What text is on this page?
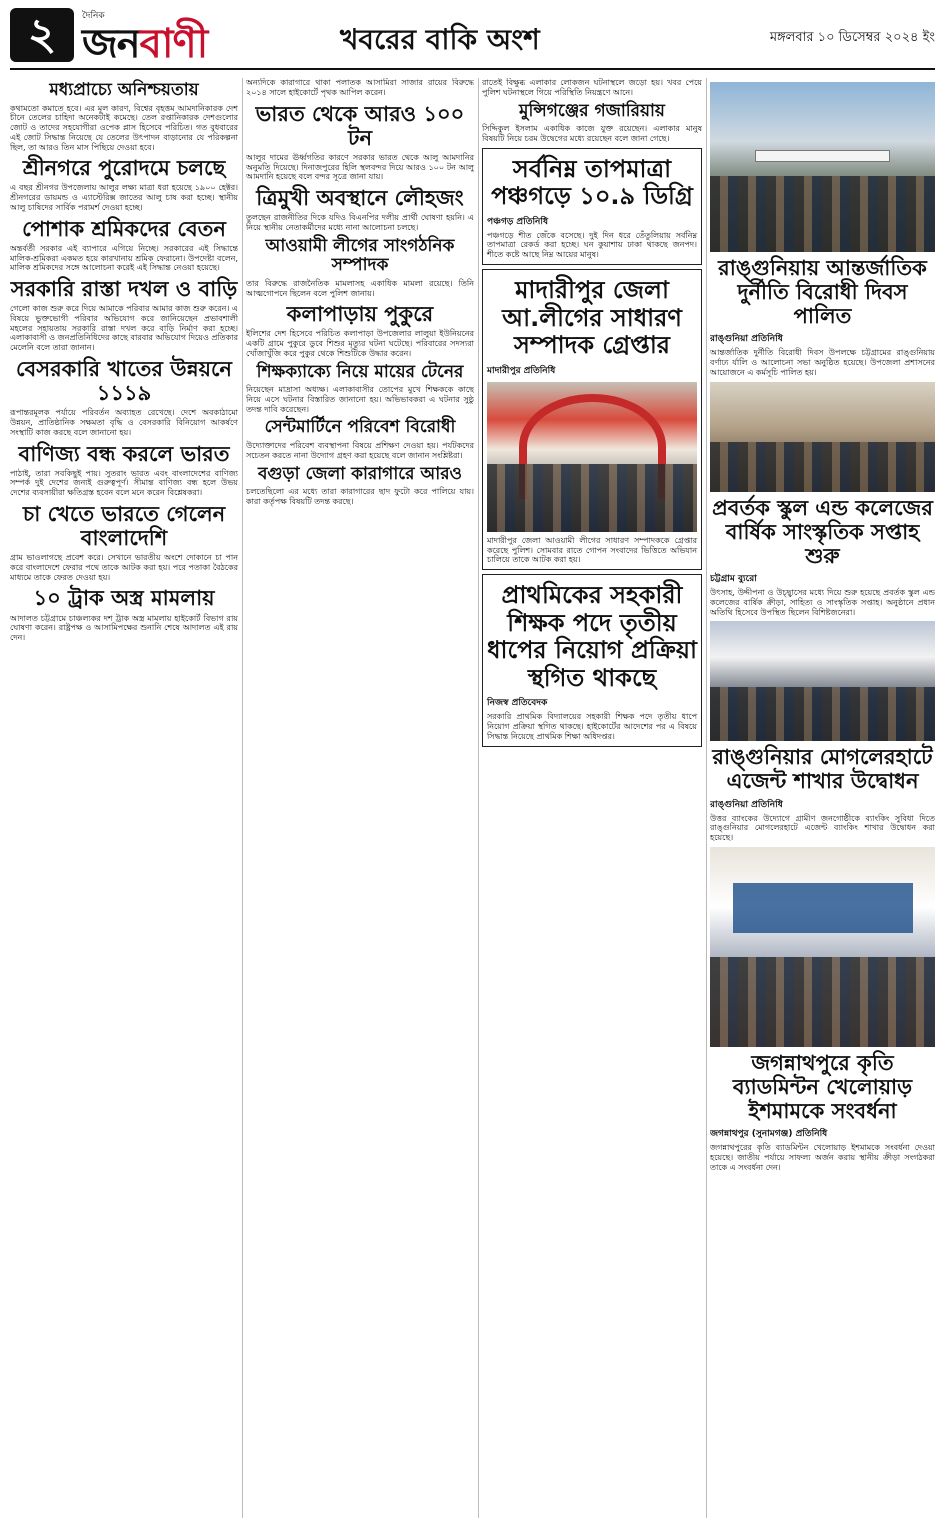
২	দৈনিক
জনবাণী	খবরের বাকি অংশ	মঙ্গলবার ১০ ডিসেম্বর ২০২৪ ইং
মধ্যপ্রাচ্যে অনিশ্চয়তায়
কথামতো কমাতে হবে। এর মূল কারণ, বিশ্বের বৃহত্তম আমদানিকারক দেশ চীনে তেলের চাহিদা অনেকটাই কমেছে। তেল রপ্তানিকারক দেশগুলোর জোট ও তাদের সহযোগীরা ওপেক প্লাস হিসেবে পরিচিত। গত বুধবারের এই জোট সিদ্ধান্ত নিয়েছে যে তেলের উৎপাদন বাড়ানোর যে পরিকল্পনা ছিল, তা আরও তিন মাস পিছিয়ে দেওয়া হবে।
শ্রীনগরে পুরোদমে চলছে
এ বছর শ্রীনগর উপজেলায় আলুর লক্ষ্য মাত্রা ধরা হয়েছে ১৯০০ হেক্টর। শ্রীনগরের ডায়মন্ড ও এ্যাস্টেরিক্স জাতের আলু চাষ করা হচ্ছে। স্থানীয় আলু চাষিদের সার্বিক পরামর্শ দেওয়া হচ্ছে।
পোশাক শ্রমিকদের বেতন
অন্তর্বর্তী সরকার এই ব্যাপারে এগিয়ে নিচ্ছে। সরকারের এই সিদ্ধান্তে মালিক-শ্রমিকরা একমত হয়ে কারখানায় শ্রমিক ফেরানো। উপদেষ্টা বলেন, মালিক শ্রমিকদের সঙ্গে আলোচনা করেই এই সিদ্ধান্ত নেওয়া হয়েছে।
সরকারি রাস্তা দখল ও বাড়ি
গেলো কাজ শুরু করে দিয়ে আমাকে পরিবার আমার কাজ শুরু করেন। এ বিষয়ে ভুক্তভোগী পরিবার অভিযোগ করে জানিয়েছেন প্রভাবশালী মহলের সহায়তায় সরকারি রাস্তা দখল করে বাড়ি নির্মাণ করা হচ্ছে। এলাকাবাসী ও জনপ্রতিনিধিদের কাছে বারবার অভিযোগ দিয়েও প্রতিকার মেলেনি বলে তারা জানান।
বেসরকারি খাতের উন্নয়নে ১১১৯
রূপান্তরমূলক পর্যায়ে পরিবর্তন অব্যাহত রেখেছে। দেশে অবকাঠামো উন্নয়ন, প্রাতিষ্ঠানিক সক্ষমতা বৃদ্ধি ও বেসরকারি বিনিয়োগ আকর্ষণে সংস্থাটি কাজ করছে বলে জানানো হয়।
বাণিজ্য বন্ধ করলে ভারত
পাঠাই, তারা সবকিছুই পায়। সুতরাং ভারত এবং বাংলাদেশের বাণিজ্য সম্পর্ক দুই দেশের জন্যই গুরুত্বপূর্ণ। সীমান্ত বাণিজ্য বন্ধ হলে উভয় দেশের ব্যবসায়ীরা ক্ষতিগ্রস্ত হবেন বলে মনে করেন বিশ্লেষকরা।
চা খেতে ভারতে গেলেন বাংলাদেশি
গ্রাম ভাওলাগছে প্রবেশ করে। সেখানে ভারতীয় অংশে দোকানে চা পান করে বাংলাদেশে ফেরার পথে তাকে আটক করা হয়। পরে পতাকা বৈঠকের মাধ্যমে তাকে ফেরত দেওয়া হয়।
১০ ট্রাক অস্ত্র মামলায়
আদালত চট্টগ্রামে চাঞ্চল্যকর দশ ট্রাক অস্ত্র মামলায় হাইকোর্ট বিভাগ রায় ঘোষণা করেন। রাষ্ট্রপক্ষ ও আসামিপক্ষের শুনানি শেষে আদালত এই রায় দেন।
অন্যদিকে কারাগারে থাকা পলাতক আসামিরা সাজার রায়ের বিরুদ্ধে ২০১৪ সালে হাইকোর্টে পৃথক আপিল করেন।
ভারত থেকে আরও ১০০ টন
আলুর দামের ঊর্ধ্বগতির কারণে সরকার ভারত থেকে আলু আমদানির অনুমতি দিয়েছে। দিনাজপুরের হিলি স্থলবন্দর দিয়ে আরও ১০০ টন আলু আমদানি হয়েছে বলে বন্দর সূত্রে জানা যায়।
ত্রিমুখী অবস্থানে লৌহজং
তুলছেন রাজনীতির দিকে যদিও বিএনপির দলীয় প্রার্থী ঘোষণা হয়নি। এ নিয়ে স্থানীয় নেতাকর্মীদের মধ্যে নানা আলোচনা চলছে।
আওয়ামী লীগের সাংগঠনিক সম্পাদক
তার বিরুদ্ধে রাজনৈতিক মামলাসহ একাধিক মামলা রয়েছে। তিনি আত্মগোপনে ছিলেন বলে পুলিশ জানায়।
কলাপাড়ায় পুকুরে
ইলিশের দেশ হিসেবে পরিচিত কলাপাড়া উপজেলার লালুয়া ইউনিয়নের একটি গ্রামে পুকুরে ডুবে শিশুর মৃত্যুর ঘটনা ঘটেছে। পরিবারের সদস্যরা খোঁজাখুঁজি করে পুকুর থেকে শিশুটিকে উদ্ধার করেন।
শিক্ষক্যাক্যে নিয়ে মায়ের টেনের
নিয়েছেন মাদ্রাসা অধ্যক্ষ। এলাকাবাসীর তোপের মুখে শিক্ষককে কাছে নিয়ে এসে ঘটনার বিস্তারিত জানানো হয়। অভিভাবকরা এ ঘটনার সুষ্ঠু তদন্ত দাবি করেছেন।
সেন্টমার্টিনে পরিবেশ বিরোধী
উদ্যোক্তাদের পরিবেশ ব্যবস্থাপনা বিষয়ে প্রশিক্ষণ দেওয়া হয়। পর্যটকদের সচেতন করতে নানা উদ্যোগ গ্রহণ করা হয়েছে বলে জানান সংশ্লিষ্টরা।
বগুড়া জেলা কারাগারে আরও
চলতেছিলো এর মধ্যে তারা কারাগারের ছাদ ফুটো করে পালিয়ে যায়। কারা কর্তৃপক্ষ বিষয়টি তদন্ত করছে।
রাতেই বিক্ষুব্ধ এলাকার লোকজন ঘটনাস্থলে জড়ো হয়। খবর পেয়ে পুলিশ ঘটনাস্থলে গিয়ে পরিস্থিতি নিয়ন্ত্রণে আনে।
মুন্সিগঞ্জের গজারিয়ায়
সিদ্দিকুল ইসলাম একাধিক কাজে যুক্ত রয়েছেন। এলাকার মানুষ বিষয়টি নিয়ে চরম উদ্বেগের মধ্যে রয়েছেন বলে জানা গেছে।
সর্বনিম্ন তাপমাত্রা পঞ্চগড়ে ১০.৯ ডিগ্রি
পঞ্চগড় প্রতিনিধি
পঞ্চগড়ে শীত জেঁকে বসেছে। দুই দিন ধরে তেঁতুলিয়ায় সর্বনিম্ন তাপমাত্রা রেকর্ড করা হচ্ছে। ঘন কুয়াশায় ঢাকা থাকছে জনপদ। শীতে কষ্টে আছে নিম্ন আয়ের মানুষ।
মাদারীপুর জেলা আ.লীগের সাধারণ সম্পাদক গ্রেপ্তার
মাদারীপুর প্রতিনিধি
মাদারীপুর জেলা আওয়ামী লীগের সাধারণ সম্পাদককে গ্রেপ্তার করেছে পুলিশ। সোমবার রাতে গোপন সংবাদের ভিত্তিতে অভিযান চালিয়ে তাকে আটক করা হয়।
প্রাথমিকের সহকারী শিক্ষক পদে তৃতীয় ধাপের নিয়োগ প্রক্রিয়া স্থগিত থাকছে
নিজস্ব প্রতিবেদক
সরকারি প্রাথমিক বিদ্যালয়ের সহকারী শিক্ষক পদে তৃতীয় ধাপে নিয়োগ প্রক্রিয়া স্থগিত থাকছে। হাইকোর্টের আদেশের পর এ বিষয়ে সিদ্ধান্ত নিয়েছে প্রাথমিক শিক্ষা অধিদপ্তর।
রাঙ্গুনিয়ায় আন্তর্জাতিক দুর্নীতি বিরোধী দিবস পালিত
রাঙ্গুনিয়া প্রতিনিধি
আন্তর্জাতিক দুর্নীতি বিরোধী দিবস উপলক্ষে চট্টগ্রামের রাঙ্গুনিয়ায় বর্ণাঢ্য র্যালি ও আলোচনা সভা অনুষ্ঠিত হয়েছে। উপজেলা প্রশাসনের আয়োজনে এ কর্মসূচি পালিত হয়।
প্রবর্তক স্কুল এন্ড কলেজের বার্ষিক সাংস্কৃতিক সপ্তাহ শুরু
চট্টগ্রাম ব্যুরো
উৎসাহ, উদ্দীপনা ও উচ্ছ্বাসের মধ্যে দিয়ে শুরু হয়েছে প্রবর্তক স্কুল এন্ড কলেজের বার্ষিক ক্রীড়া, সাহিত্য ও সাংস্কৃতিক সপ্তাহ। অনুষ্ঠানে প্রধান অতিথি হিসেবে উপস্থিত ছিলেন বিশিষ্টজনেরা।
রাঙ্গুনিয়ার মোগলেরহাটে এজেন্ট শাখার উদ্বোধন
রাঙ্গুনিয়া প্রতিনিধি
উত্তর ব্যাংকের উদ্যোগে গ্রামীণ জনগোষ্ঠীকে ব্যাংকিং সুবিধা দিতে রাঙ্গুনিয়ার মোগলেরহাটে এজেন্ট ব্যাংকিং শাখার উদ্বোধন করা হয়েছে।
জগন্নাথপুরে কৃতি ব্যাডমিন্টন খেলোয়াড় ইশমামকে সংবর্ধনা
জগন্নাথপুর (সুনামগঞ্জ) প্রতিনিধি
জগন্নাথপুরের কৃতি ব্যাডমিন্টন খেলোয়াড় ইশমামকে সংবর্ধনা দেওয়া হয়েছে। জাতীয় পর্যায়ে সাফল্য অর্জন করায় স্থানীয় ক্রীড়া সংগঠকরা তাকে এ সংবর্ধনা দেন।
